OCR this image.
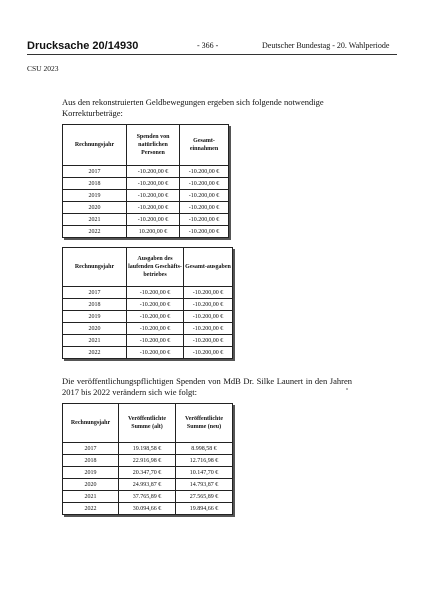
Drucksache 20/14930	- 366 -	Deutscher Bundestag - 20. Wahlperiode
CSU 2023
Aus den rekonstruierten Geldbewegungen ergeben sich folgende notwendige Korrekturbeträge:
Rechnungsjahr	Spenden von natürlichen Personen	Gesamt-einnahmen
2017	-10.200,00 €	-10.200,00 €
2018	-10.200,00 €	-10.200,00 €
2019	-10.200,00 €	-10.200,00 €
2020	-10.200,00 €	-10.200,00 €
2021	-10.200,00 €	-10.200,00 €
2022	10.200,00 €	-10.200,00 €
Rechnungsjahr	Ausgaben des laufenden Geschäfts-betriebes	Gesamt-ausgaben
2017	-10.200,00 €	-10.200,00 €
2018	-10.200,00 €	-10.200,00 €
2019	-10.200,00 €	-10.200,00 €
2020	-10.200,00 €	-10.200,00 €
2021	-10.200,00 €	-10.200,00 €
2022	-10.200,00 €	-10.200,00 €
Die veröffentlichungspflichtigen Spenden von MdB Dr. Silke Launert in den Jahren 2017 bis 2022 verändern sich wie folgt:
Rechnungsjahr	Veröffentlichte Summe (alt)	Veröffentlichte Summe (neu)
2017	19.198,58 €	8.998,58 €
2018	22.916,98 €	12.716,98 €
2019	20.347,70 €	10.147,70 €
2020	24.993,87 €	14.793,87 €
2021	37.765,89 €	27.565,89 €
2022	30.094,66 €	19.894,66 €
